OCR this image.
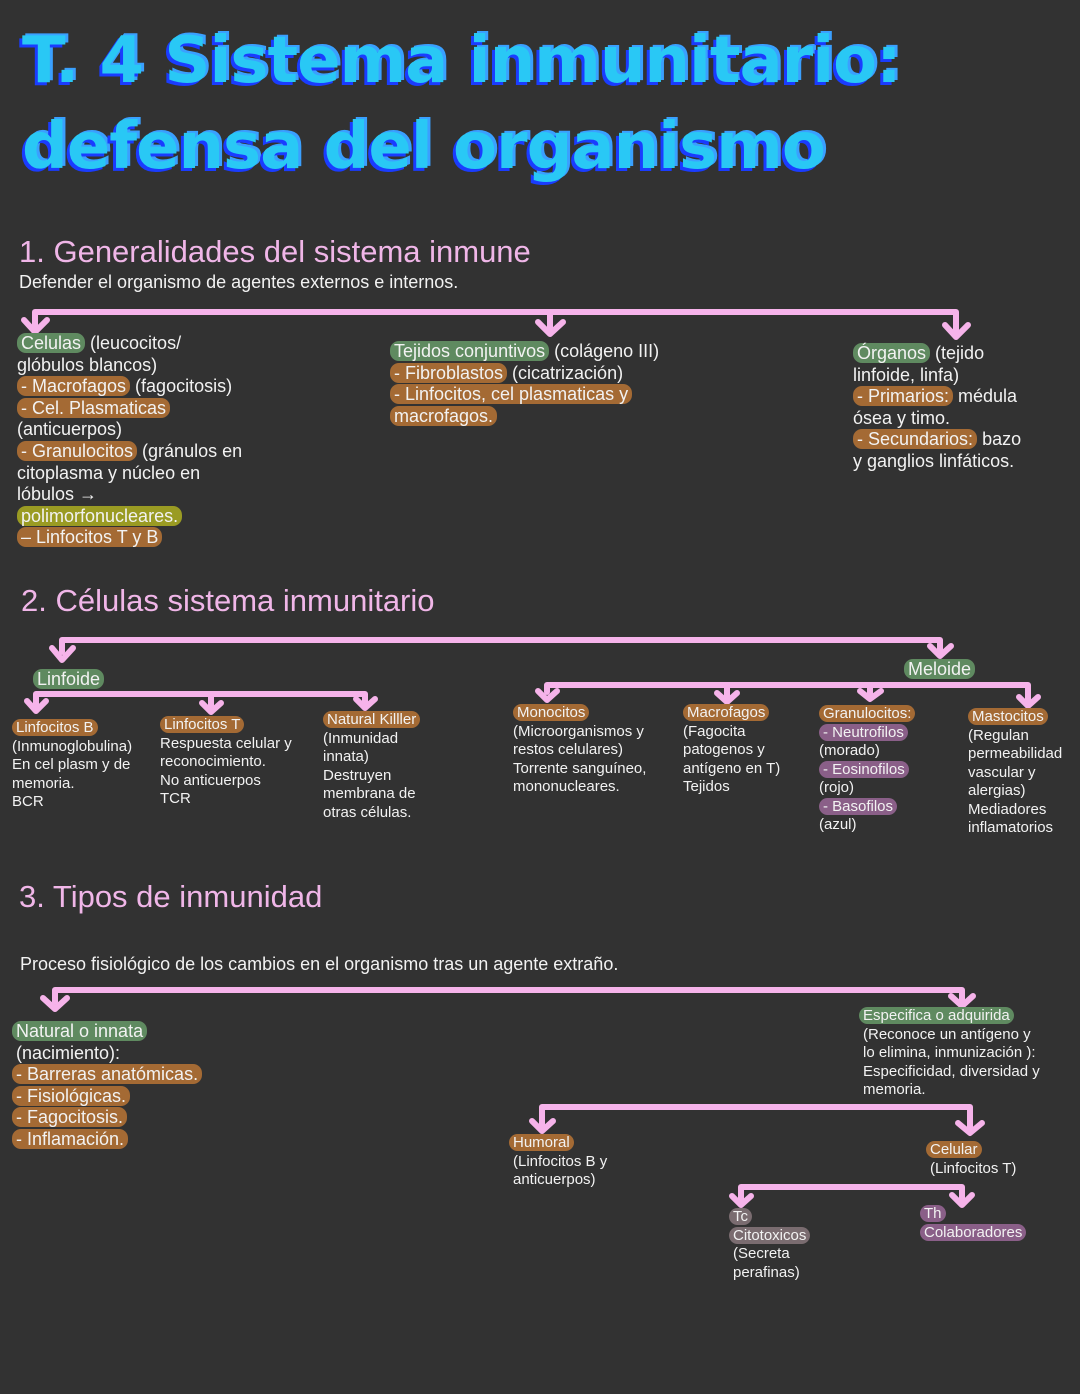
T. 4 Sistema inmunitario:
defensa del organismo
1. Generalidades del sistema inmune
Defender el organismo de agentes externos e internos.
Celulas (leucocitos/
glóbulos blancos)
- Macrofagos (fagocitosis)
- Cel. Plasmaticas
(anticuerpos)
- Granulocitos (gránulos en
citoplasma y núcleo en
lóbulos →
polimorfonucleares.
– Linfocitos T y B
Tejidos conjuntivos (colágeno III)
- Fibroblastos (cicatrización)
- Linfocitos, cel plasmaticas y
macrofagos.
Órganos (tejido
linfoide, linfa)
- Primarios: médula
ósea y timo.
- Secundarios: bazo
y ganglios linfáticos.
2. Células sistema inmunitario
Linfoide	Meloide
Linfocitos B
(Inmunoglobulina)
En cel plasm y de
memoria.
BCR
Linfocitos T
Respuesta celular y
reconocimiento.
No anticuerpos
TCR
Natural Killler
(Inmunidad
innata)
Destruyen
membrana de
otras células.
Monocitos
(Microorganismos y
restos celulares)
Torrente sanguíneo,
mononucleares.
Macrofagos
(Fagocita
patogenos y
antígeno en T)
Tejidos
Granulocitos:
- Neutrofilos
(morado)
- Eosinofilos
(rojo)
- Basofilos
(azul)
Mastocitos
(Regulan
permeabilidad
vascular y
alergias)
Mediadores
inflamatorios
3. Tipos de inmunidad
Proceso fisiológico de los cambios en el organismo tras un agente extraño.
Natural o innata
(nacimiento):
- Barreras anatómicas.
- Fisiológicas.
- Fagocitosis.
- Inflamación.
Especifica o adquirida
(Reconoce un antígeno y
lo elimina, inmunización ):
Especificidad, diversidad y
memoria.
Humoral
(Linfocitos B y
anticuerpos)
Celular
(Linfocitos T)
Tc
Citotoxicos
(Secreta
perafinas)
Th
Colaboradores
